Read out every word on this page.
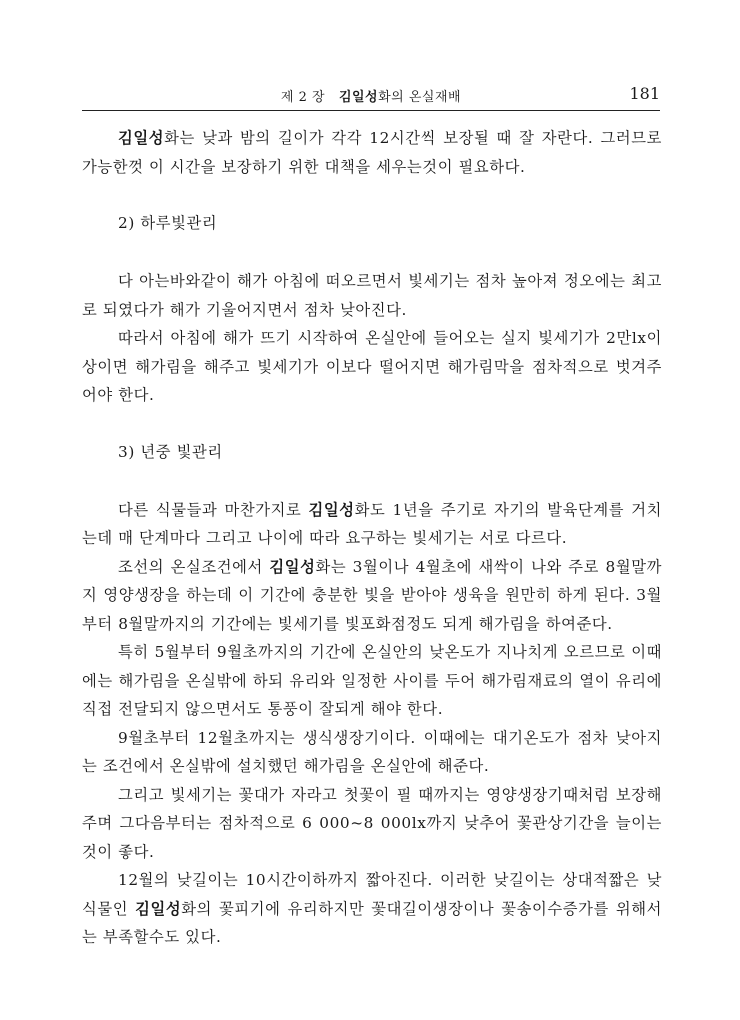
제 2 장 김일성화의 온실재배	181

김일성화는 낮과 밤의 길이가 각각 12시간씩 보장될 때 잘 자란다. 그러므로 가능한껏 이 시간을 보장하기 위한 대책을 세우는것이 필요하다.

2) 하루빛관리

다 아는바와같이 해가 아침에 떠오르면서 빛세기는 점차 높아져 정오에는 최고로 되였다가 해가 기울어지면서 점차 낮아진다.

따라서 아침에 해가 뜨기 시작하여 온실안에 들어오는 실지 빛세기가 2만lx이상이면 해가림을 해주고 빛세기가 이보다 떨어지면 해가림막을 점차적으로 벗겨주어야 한다.

3) 년중 빛관리

다른 식물들과 마찬가지로 김일성화도 1년을 주기로 자기의 발육단계를 거치는데 매 단계마다 그리고 나이에 따라 요구하는 빛세기는 서로 다르다.

조선의 온실조건에서 김일성화는 3월이나 4월초에 새싹이 나와 주로 8월말까지 영양생장을 하는데 이 기간에 충분한 빛을 받아야 생육을 원만히 하게 된다. 3월부터 8월말까지의 기간에는 빛세기를 빛포화점정도 되게 해가림을 하여준다.

특히 5월부터 9월초까지의 기간에 온실안의 낮온도가 지나치게 오르므로 이때에는 해가림을 온실밖에 하되 유리와 일정한 사이를 두어 해가림재료의 열이 유리에 직접 전달되지 않으면서도 통풍이 잘되게 해야 한다.

9월초부터 12월초까지는 생식생장기이다. 이때에는 대기온도가 점차 낮아지는 조건에서 온실밖에 설치했던 해가림을 온실안에 해준다.

그리고 빛세기는 꽃대가 자라고 첫꽃이 필 때까지는 영양생장기때처럼 보장해주며 그다음부터는 점차적으로 6 000~8 000lx까지 낮추어 꽃관상기간을 늘이는것이 좋다.

12월의 낮길이는 10시간이하까지 짧아진다. 이러한 낮길이는 상대적짧은 낮식물인 김일성화의 꽃피기에 유리하지만 꽃대길이생장이나 꽃송이수증가를 위해서는 부족할수도 있다.
